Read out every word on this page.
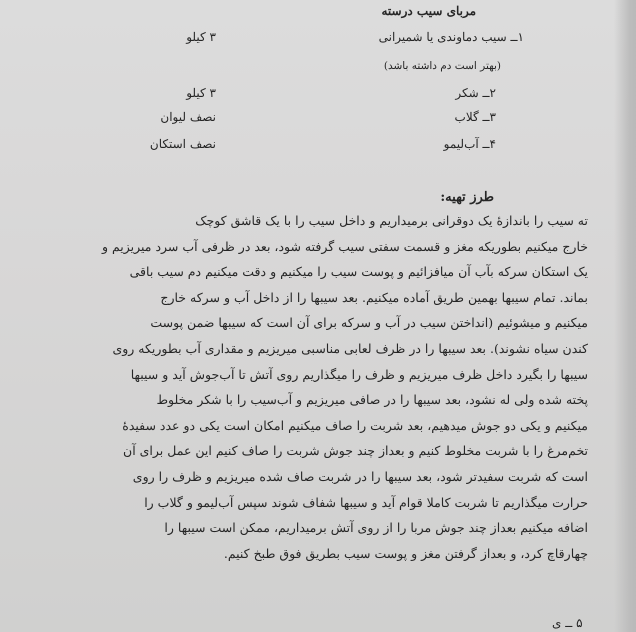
مربای سیب درسته
۱ــ سیب دماوندی یا شمیرانی
۳ کیلو
(بهتر است دم داشته باشد)
۲ــ شکر
۳ کیلو
۳ــ گلاب
نصف لیوان
۴ــ آب‌لیمو
نصف استکان
طرز تهیه:
ته سیب را باندازهٔ یک دوقرانی برمیداریم و داخل سیب را با یک قاشق کوچک
خارج میکنیم بطوریکه مغز و قسمت سفتی سیب گرفته شود، بعد در ظرفی آب سرد میریزیم و
یک استکان سرکه بآب آن میافزائیم و پوست سیب را میکنیم و دقت میکنیم دم سیب باقی
بماند. تمام سیبها بهمین طریق آماده میکنیم. بعد سیبها را از داخل آب و سرکه خارج
میکنیم و میشوئیم (انداختن سیب در آب و سرکه برای آن است که سیبها ضمن پوست
کندن سیاه نشوند). بعد سیبها را در ظرف لعابی مناسبی میریزیم و مقداری آب بطوریکه روی
سیبها را بگیرد داخل ظرف میریزیم و ظرف را میگذاریم روی آتش تا آب‌جوش آید و سیبها
پخته شده ولی له نشود، بعد سیبها را در صافی میریزیم و آب‌سیب را با شکر مخلوط
میکنیم و یکی دو جوش میدهیم، بعد شربت را صاف میکنیم امکان است یکی دو عدد سفیدهٔ
تخم‌مرغ را با شربت مخلوط کنیم و بعداز چند جوش شربت را صاف کنیم این عمل برای آن
است که شربت سفیدتر شود، بعد سیبها را در شربت صاف شده میریزیم و ظرف را روی
حرارت میگذاریم تا شربت کاملا قوام آید و سیبها شفاف شوند سپس آب‌لیمو و گلاب را
اضافه میکنیم بعداز چند جوش مربا را از روی آتش برمیداریم، ممکن است سیبها را
چهارقاچ کرد، و بعداز گرفتن مغز و پوست سیب بطریق فوق طبخ کنیم.
۵ ــ ی
